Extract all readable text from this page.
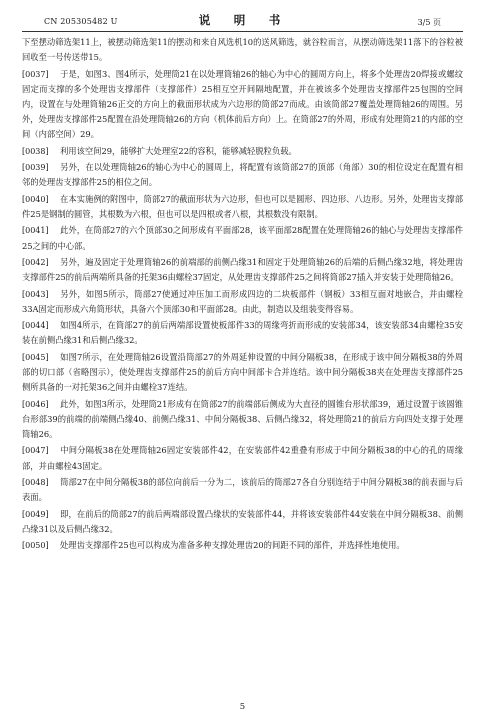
CN 205305482 U	说　明　书	3/5 页

下至摆动筛选架11上，被摆动筛选架11的摆动和来自风选机10的送风筛选，就谷粒而言，从摆动筛选架11落下的谷粒被回收至一号传送带15。

[0037] 于是，如图3、图4所示，处理筒21在以处理筒轴26的轴心为中心的圆周方向上，将多个处理齿20焊接或螺纹固定而支撑的多个处理齿支撑部件（支撑部件）25相互空开间隔地配置，并在被该多个处理齿支撑部件25包围的空间内，设置在与处理筒轴26正交的方向上的截面形状成为六边形的筒部27而成。由该筒部27覆盖处理筒轴26的周围。另外，处理齿支撑部件25配置在沿处理筒轴26的方向（机体前后方向）上。在筒部27的外周，形成有处理筒21的内部的空间（内部空间）29。

[0038] 利用该空间29，能够扩大处理室22的容积，能够减轻脱粒负载。

[0039] 另外，在以处理筒轴26的轴心为中心的圆周上，将配置有该筒部27的顶部（角部）30的相位设定在配置有相邻的处理齿支撑部件25的相位之间。

[0040] 在本实施例的附图中，筒部27的截面形状为六边形，但也可以是圆形、四边形、八边形。另外，处理齿支撑部件25是钢制的圆管，其根数为六根，但也可以是四根或者八根，其根数没有限制。

[0041] 此外，在筒部27的六个顶部30之间形成有平面部28，该平面部28配置在处理筒轴26的轴心与处理齿支撑部件25之间的中心部。

[0042] 另外，遍及固定于处理筒轴26的前端部的前侧凸缘31和固定于处理筒轴26的后端的后侧凸缘32地，将处理齿支撑部件25的前后两端所具备的托架36由螺栓37固定，从处理齿支撑部件25之间将筒部27插入并安装于处理筒轴26。

[0043] 另外，如图5所示，筒部27使通过冲压加工而形成四边的二块板部件（钢板）33相互面对地嵌合，并由螺栓33A固定而形成六角筒形状，具备六个顶部30和平面部28。由此，制造以及组装变得容易。

[0044] 如图4所示，在筒部27的前后两端部设置使板部件33的周缘弯折而形成的安装部34，该安装部34由螺栓35安装在前侧凸缘31和后侧凸缘32。

[0045] 如图7所示，在处理筒轴26设置沿筒部27的外周延伸设置的中间分隔板38，在形成于该中间分隔板38的外周部的切口部（省略图示），使处理齿支撑部件25的前后方向中间部卡合并连结。该中间分隔板38夹在处理齿支撑部件25侧所具备的一对托架36之间并由螺栓37连结。

[0046] 此外，如图3所示，处理筒21形成有在筒部27的前端部后侧成为大直径的圆锥台形状部39，通过设置于该圆锥台形部39的前端的前端侧凸缘40、前侧凸缘31、中间分隔板38、后侧凸缘32，将处理筒21的前后方向四处支撑于处理筒轴26。

[0047] 中间分隔板38在处理筒轴26固定安装部件42，在安装部件42重叠有形成于中间分隔板38的中心的孔的周缘部，并由螺栓43固定。

[0048] 筒部27在中间分隔板38的部位向前后一分为二，该前后的筒部27各自分别连结于中间分隔板38的前表面与后表面。

[0049] 即，在前后的筒部27的前后两端部设置凸缘状的安装部件44，并将该安装部件44安装在中间分隔板38、前侧凸缘31以及后侧凸缘32。

[0050] 处理齿支撑部件25也可以构成为准备多种支撑处理齿20的间距不同的部件，并选择性地使用。

5
